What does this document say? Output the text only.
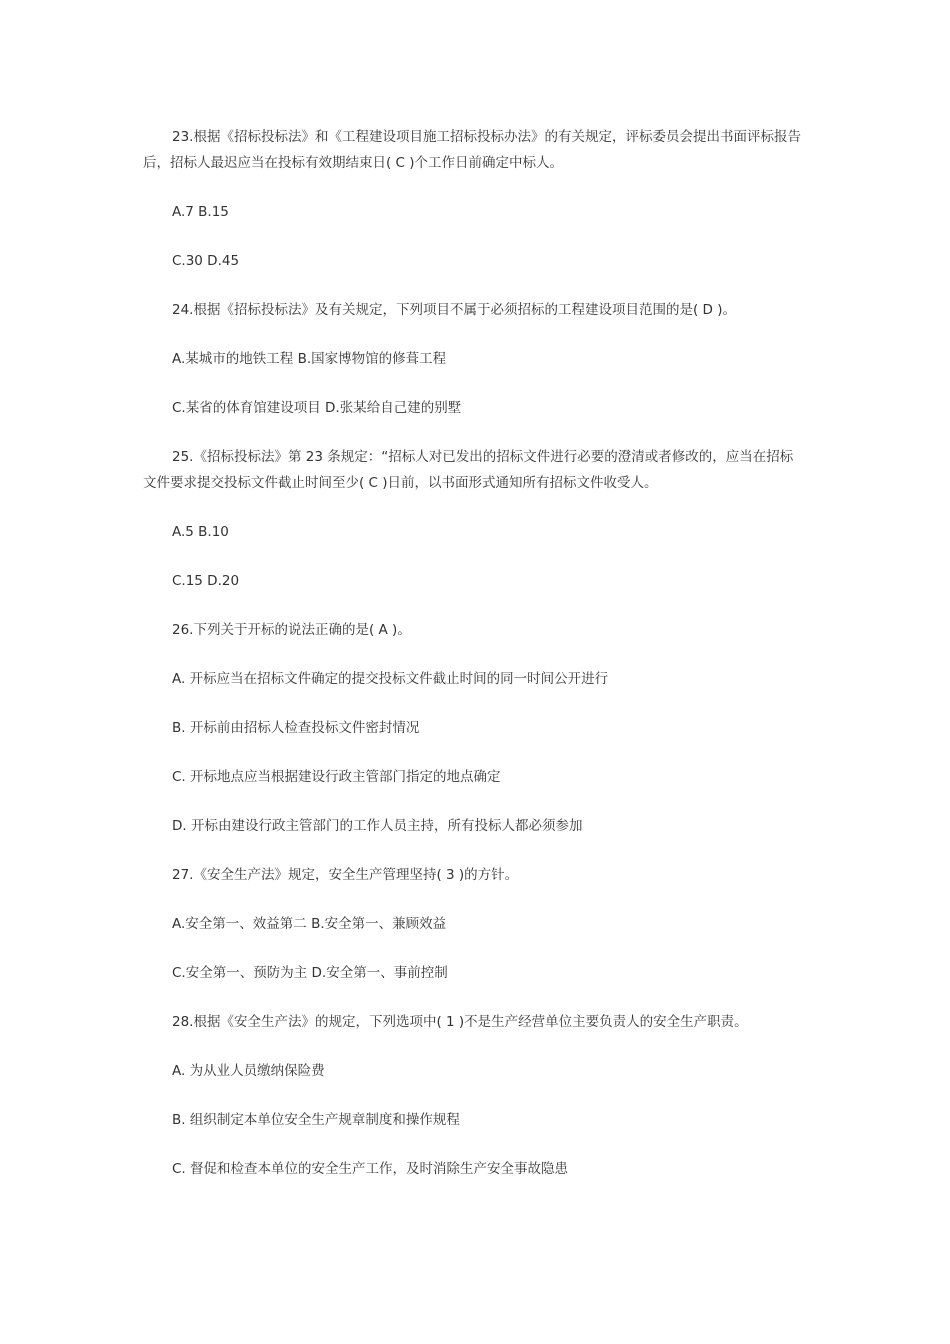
23.根据《招标投标法》和《工程建设项目施工招标投标办法》的有关规定，评标委员会提出书面评标报告后，招标人最迟应当在投标有效期结束日( C )个工作日前确定中标人。

A.7 B.15

C.30 D.45

24.根据《招标投标法》及有关规定，下列项目不属于必须招标的工程建设项目范围的是( D )。

A.某城市的地铁工程 B.国家博物馆的修葺工程

C.某省的体育馆建设项目 D.张某给自己建的别墅

25.《招标投标法》第 23 条规定：“招标人对已发出的招标文件进行必要的澄清或者修改的，应当在招标文件要求提交投标文件截止时间至少( C )日前，以书面形式通知所有招标文件收受人。

A.5 B.10

C.15 D.20

26.下列关于开标的说法正确的是( A )。

A. 开标应当在招标文件确定的提交投标文件截止时间的同一时间公开进行

B. 开标前由招标人检查投标文件密封情况

C. 开标地点应当根据建设行政主管部门指定的地点确定

D. 开标由建设行政主管部门的工作人员主持，所有投标人都必须参加

27.《安全生产法》规定，安全生产管理坚持( 3 )的方针。

A.安全第一、效益第二 B.安全第一、兼顾效益

C.安全第一、预防为主 D.安全第一、事前控制

28.根据《安全生产法》的规定，下列选项中( 1 )不是生产经营单位主要负责人的安全生产职责。

A. 为从业人员缴纳保险费

B. 组织制定本单位安全生产规章制度和操作规程

C. 督促和检查本单位的安全生产工作，及时消除生产安全事故隐患
